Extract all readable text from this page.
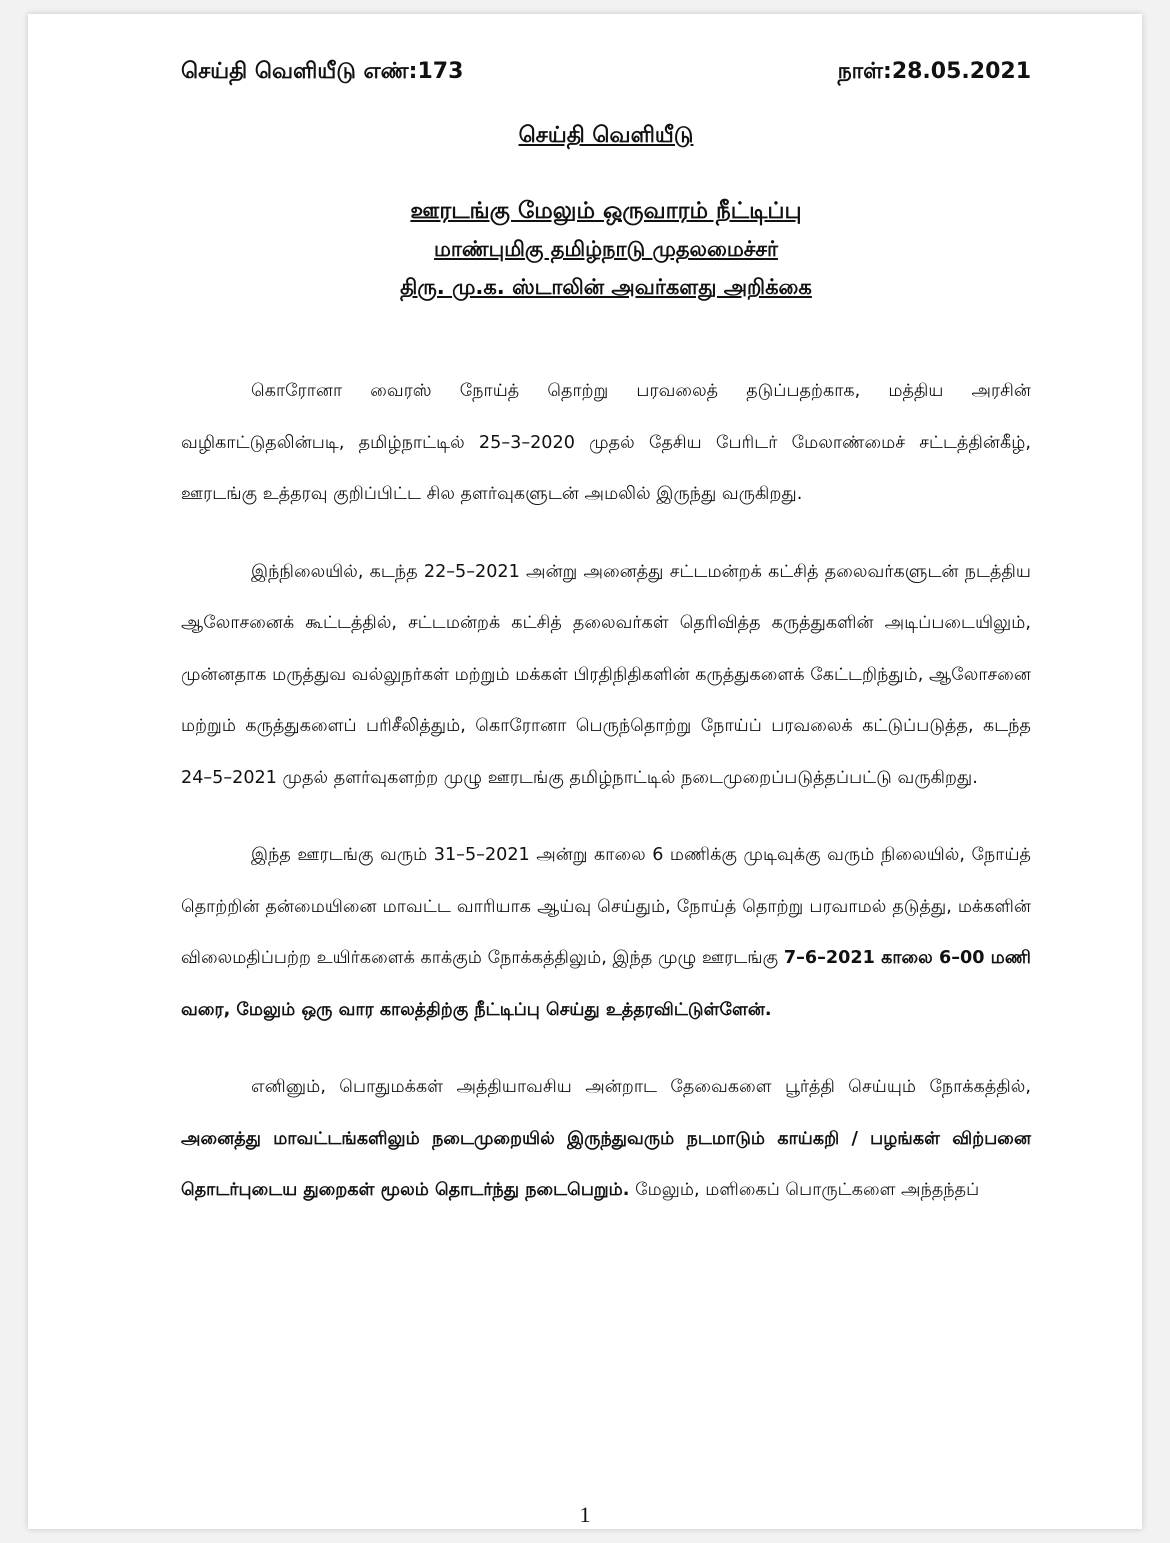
செய்தி வெளியீடு எண்:173	நாள்:28.05.2021
செய்தி வெளியீடு
ஊரடங்கு மேலும் ஒருவாரம் நீட்டிப்பு
மாண்புமிகு தமிழ்நாடு முதலமைச்சர்
திரு. மு.க. ஸ்டாலின் அவர்களது அறிக்கை

கொரோனா வைரஸ் நோய்த் தொற்று பரவலைத் தடுப்பதற்காக, மத்திய அரசின் வழிகாட்டுதலின்படி, தமிழ்நாட்டில் 25–3–2020 முதல் தேசிய பேரிடர் மேலாண்மைச் சட்டத்தின்கீழ், ஊரடங்கு உத்தரவு குறிப்பிட்ட சில தளர்வுகளுடன் அமலில் இருந்து வருகிறது.

இந்நிலையில், கடந்த 22–5–2021 அன்று அனைத்து சட்டமன்றக் கட்சித் தலைவர்களுடன் நடத்திய ஆலோசனைக் கூட்டத்தில், சட்டமன்றக் கட்சித் தலைவர்கள் தெரிவித்த கருத்துகளின் அடிப்படையிலும், முன்னதாக மருத்துவ வல்லுநர்கள் மற்றும் மக்கள் பிரதிநிதிகளின் கருத்துகளைக் கேட்டறிந்தும், ஆலோசனை மற்றும் கருத்துகளைப் பரிசீலித்தும், கொரோனா பெருந்தொற்று நோய்ப் பரவலைக் கட்டுப்படுத்த, கடந்த 24–5–2021 முதல் தளர்வுகளற்ற முழு ஊரடங்கு தமிழ்நாட்டில் நடைமுறைப்படுத்தப்பட்டு வருகிறது.

இந்த ஊரடங்கு வரும் 31–5–2021 அன்று காலை 6 மணிக்கு முடிவுக்கு வரும் நிலையில், நோய்த் தொற்றின் தன்மையினை மாவட்ட வாரியாக ஆய்வு செய்தும், நோய்த் தொற்று பரவாமல் தடுத்து, மக்களின் விலைமதிப்பற்ற உயிர்களைக் காக்கும் நோக்கத்திலும், இந்த முழு ஊரடங்கு 7–6–2021 காலை 6–00 மணி வரை, மேலும் ஒரு வார காலத்திற்கு நீட்டிப்பு செய்து உத்தரவிட்டுள்ளேன்.

எனினும், பொதுமக்கள் அத்தியாவசிய அன்றாட தேவைகளை பூர்த்தி செய்யும் நோக்கத்தில், அனைத்து மாவட்டங்களிலும் நடைமுறையில் இருந்துவரும் நடமாடும் காய்கறி / பழங்கள் விற்பனை தொடர்புடைய துறைகள் மூலம் தொடர்ந்து நடைபெறும். மேலும், மளிகைப் பொருட்களை அந்தந்தப்

1
